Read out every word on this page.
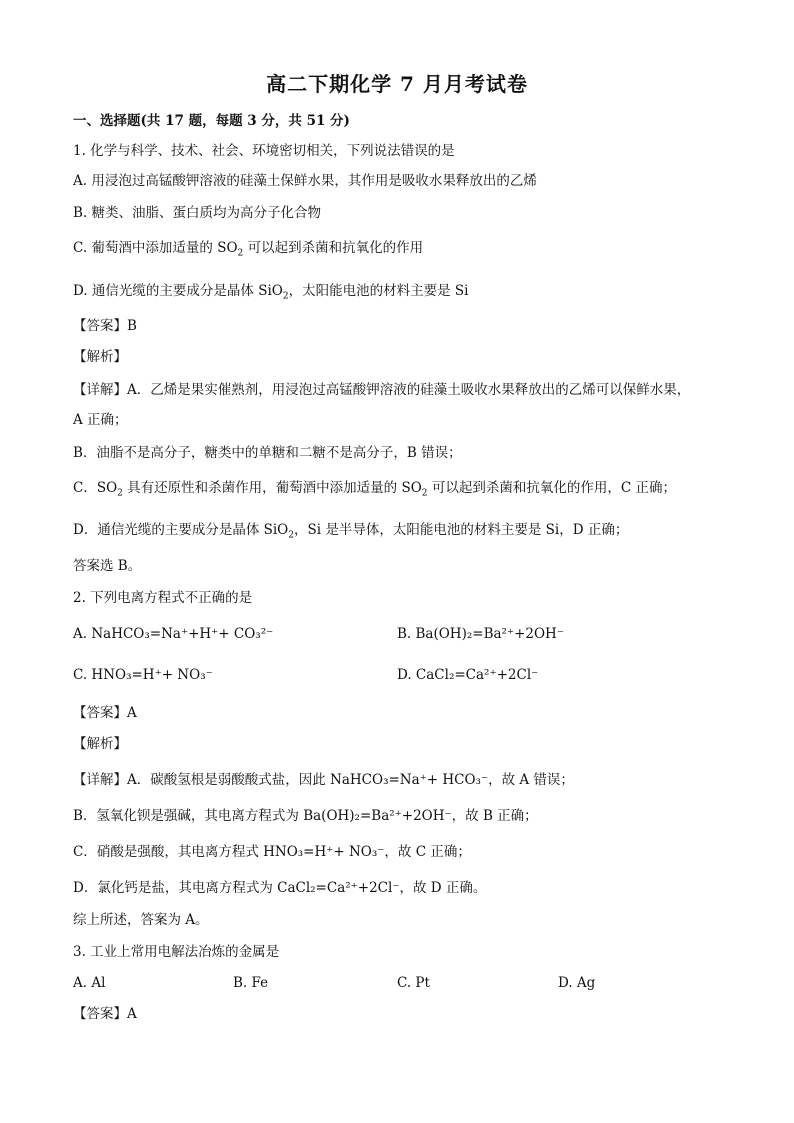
高二下期化学 7 月月考试卷
一、选择题(共 17 题，每题 3 分，共 51 分)
1. 化学与科学、技术、社会、环境密切相关，下列说法错误的是
A. 用浸泡过高锰酸钾溶液的硅藻土保鲜水果，其作用是吸收水果释放出的乙烯
B. 糖类、油脂、蛋白质均为高分子化合物
C. 葡萄酒中添加适量的 $SO_2$ 可以起到杀菌和抗氧化的作用
D. 通信光缆的主要成分是晶体 SiO$_2$，太阳能电池的材料主要是 Si
【答案】B
【解析】
【详解】A．乙烯是果实催熟剂，用浸泡过高锰酸钾溶液的硅藻土吸收水果释放出的乙烯可以保鲜水果，
A 正确；
B．油脂不是高分子，糖类中的单糖和二糖不是高分子，B 错误；
C．$SO_2$ 具有还原性和杀菌作用，葡萄酒中添加适量的 $SO_2$ 可以起到杀菌和抗氧化的作用，C 正确；
D．通信光缆的主要成分是晶体 SiO$_2$，Si 是半导体，太阳能电池的材料主要是 Si，D 正确；
答案选 B。
2. 下列电离方程式不正确的是
A. NaHCO₃=Na⁺+H⁺+ CO₃²⁻	B. Ba(OH)₂=Ba²⁺+2OH⁻
C. HNO₃=H⁺+ NO₃⁻	D. CaCl₂=Ca²⁺+2Cl⁻
【答案】A
【解析】
【详解】A．碳酸氢根是弱酸酸式盐，因此 NaHCO₃=Na⁺+ HCO₃⁻，故 A 错误；
B．氢氧化钡是强碱，其电离方程式为 Ba(OH)₂=Ba²⁺+2OH⁻，故 B 正确；
C．硝酸是强酸，其电离方程式 HNO₃=H⁺+ NO₃⁻，故 C 正确；
D．氯化钙是盐，其电离方程式为 CaCl₂=Ca²⁺+2Cl⁻，故 D 正确。
综上所述，答案为 A。
3. 工业上常用电解法冶炼的金属是
A. Al	B. Fe	C. Pt	D. Ag
【答案】A
